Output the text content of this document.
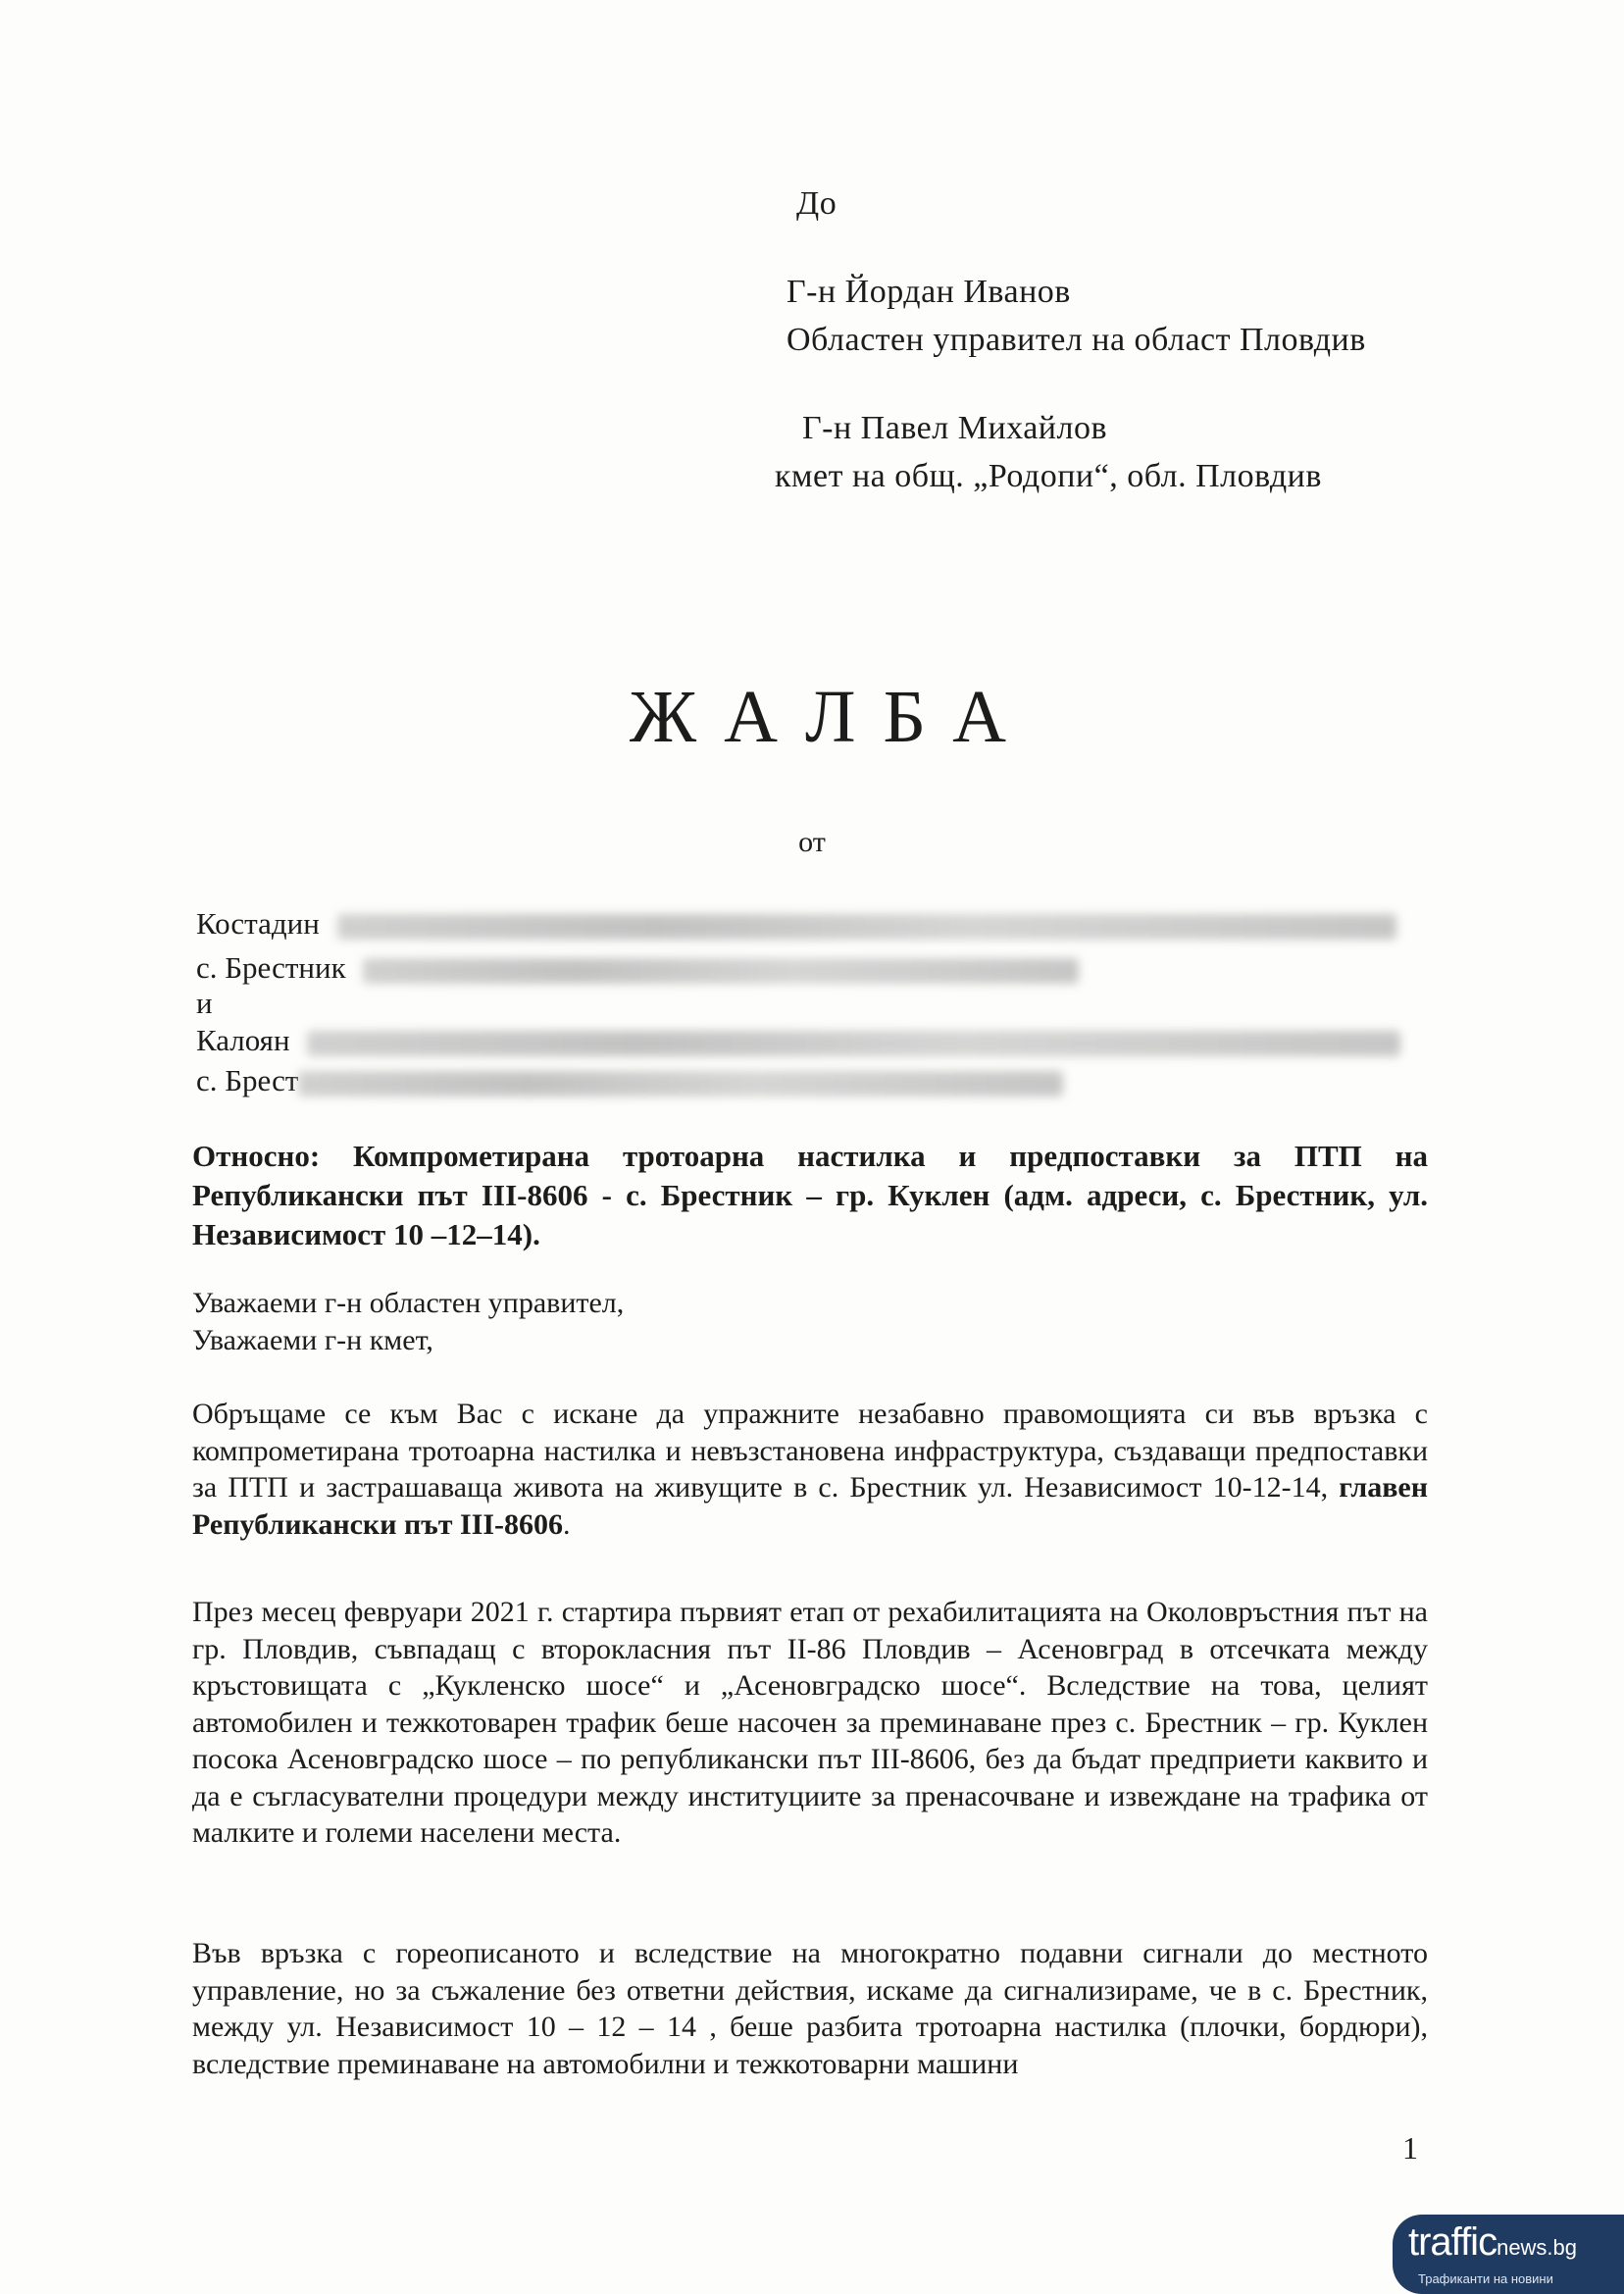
До
Г-н Йордан Иванов
Областен управител на област Пловдив
Г-н Павел Михайлов
кмет на общ. „Родопи“, обл. Пловдив
ЖАЛБА
от
Костадин
с. Брестник
и
Калоян
с. Брест
Относно: Компрометирана тротоарна настилка и предпоставки за ПТП на Републикански път III-8606 - с. Брестник – гр. Куклен (адм. адреси, с. Брестник, ул. Независимост 10 –12–14).
Уважаеми г-н областен управител,
Уважаеми г-н кмет,
Обръщаме се към Вас с искане да упражните незабавно правомощията си във връзка с компрометирана тротоарна настилка и невъзстановена инфраструктура, създаващи предпоставки за ПТП и застрашаваща живота на живущите в с. Брестник ул. Независимост 10-12-14, главен Републикански път III-8606.
През месец февруари 2021 г. стартира първият етап от рехабилитацията на Околовръстния път на гр. Пловдив, съвпадащ с второкласния път II-86 Пловдив – Асеновград в отсечката между кръстовищата с „Кукленско шосе“ и „Асеновградско шосе“. Вследствие на това, целият автомобилен и тежкотоварен трафик беше насочен за преминаване през с. Брестник – гр. Куклен посока Асеновградско шосе – по републикански път III-8606, без да бъдат предприети каквито и да е съгласувателни процедури между институциите за пренасочване и извеждане на трафика от малките и големи населени места.
Във връзка с гореописаното и вследствие на многократно подавни сигнали до местното управление, но за съжаление без ответни действия, искаме да сигнализираме, че в с. Брестник, между ул. Независимост 10 – 12 – 14 , беше разбита тротоарна настилка (плочки, бордюри), вследствие преминаване на автомобилни и тежкотоварни машини
1
trafficnews.bg
Трафиканти на новини
